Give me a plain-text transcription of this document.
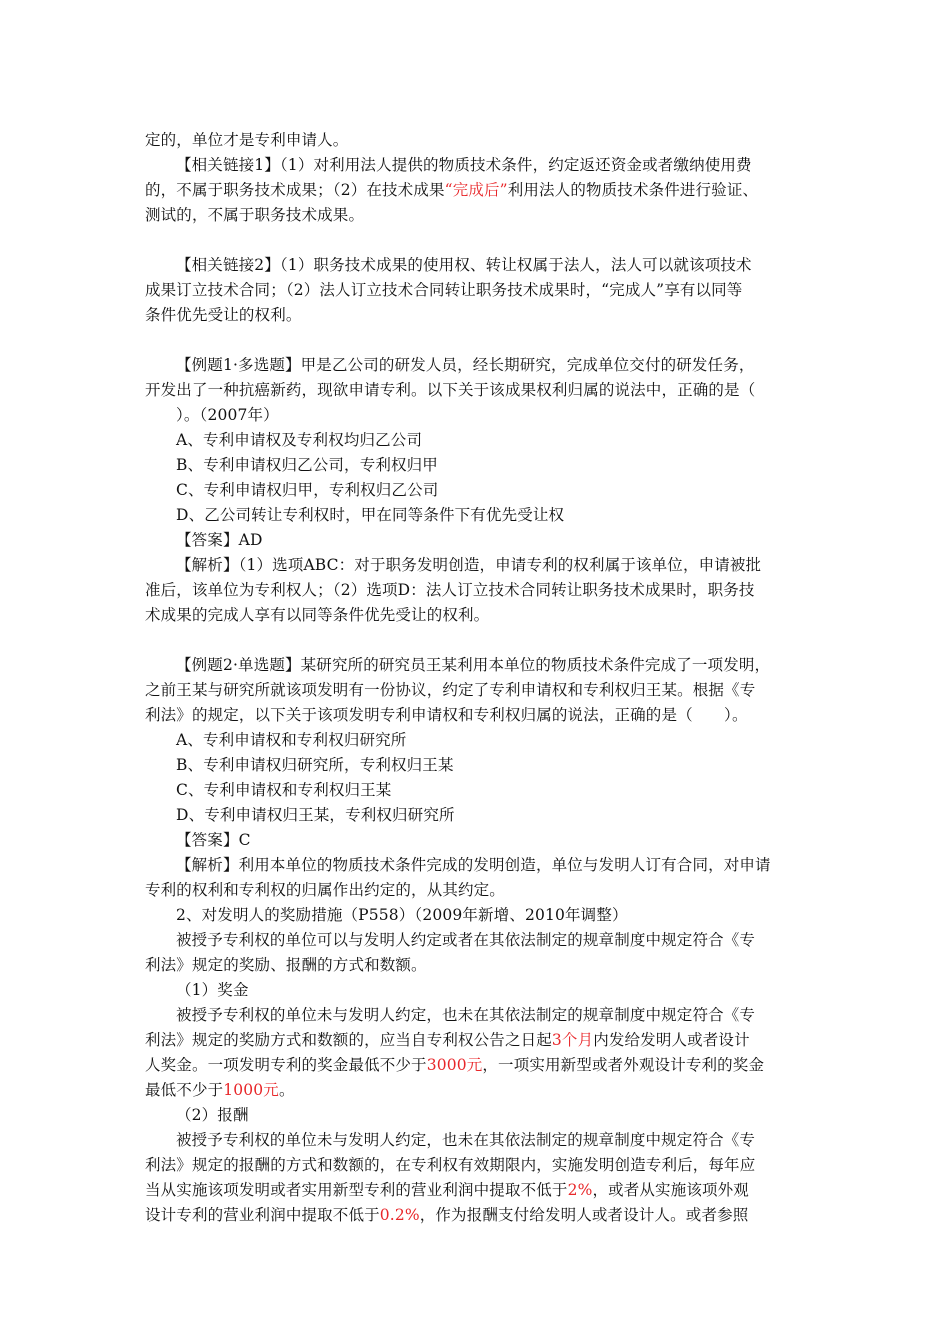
定的，单位才是专利申请人。
【相关链接1】（1）对利用法人提供的物质技术条件，约定返还资金或者缴纳使用费
的，不属于职务技术成果；（2）在技术成果“完成后”利用法人的物质技术条件进行验证、
测试的，不属于职务技术成果。
【相关链接2】（1）职务技术成果的使用权、转让权属于法人，法人可以就该项技术
成果订立技术合同；（2）法人订立技术合同转让职务技术成果时，“完成人”享有以同等
条件优先受让的权利。
【例题1·多选题】甲是乙公司的研发人员，经长期研究，完成单位交付的研发任务，
开发出了一种抗癌新药，现欲申请专利。以下关于该成果权利归属的说法中，正确的是（
）。（2007年）
A、专利申请权及专利权均归乙公司
B、专利申请权归乙公司，专利权归甲
C、专利申请权归甲，专利权归乙公司
D、乙公司转让专利权时，甲在同等条件下有优先受让权
【答案】AD
【解析】（1）选项ABC：对于职务发明创造，申请专利的权利属于该单位，申请被批
准后，该单位为专利权人；（2）选项D：法人订立技术合同转让职务技术成果时，职务技
术成果的完成人享有以同等条件优先受让的权利。
【例题2·单选题】某研究所的研究员王某利用本单位的物质技术条件完成了一项发明，
之前王某与研究所就该项发明有一份协议，约定了专利申请权和专利权归王某。根据《专
利法》的规定，以下关于该项发明专利申请权和专利权归属的说法，正确的是（　　）。
A、专利申请权和专利权归研究所
B、专利申请权归研究所，专利权归王某
C、专利申请权和专利权归王某
D、专利申请权归王某，专利权归研究所
【答案】C
【解析】利用本单位的物质技术条件完成的发明创造，单位与发明人订有合同，对申请
专利的权利和专利权的归属作出约定的，从其约定。
2、对发明人的奖励措施（P558）（2009年新增、2010年调整）
被授予专利权的单位可以与发明人约定或者在其依法制定的规章制度中规定符合《专
利法》规定的奖励、报酬的方式和数额。
（1）奖金
被授予专利权的单位未与发明人约定，也未在其依法制定的规章制度中规定符合《专
利法》规定的奖励方式和数额的，应当自专利权公告之日起3个月内发给发明人或者设计
人奖金。一项发明专利的奖金最低不少于3000元，一项实用新型或者外观设计专利的奖金
最低不少于1000元。
（2）报酬
被授予专利权的单位未与发明人约定，也未在其依法制定的规章制度中规定符合《专
利法》规定的报酬的方式和数额的，在专利权有效期限内，实施发明创造专利后，每年应
当从实施该项发明或者实用新型专利的营业利润中提取不低于2%，或者从实施该项外观
设计专利的营业利润中提取不低于0.2%，作为报酬支付给发明人或者设计人。或者参照
